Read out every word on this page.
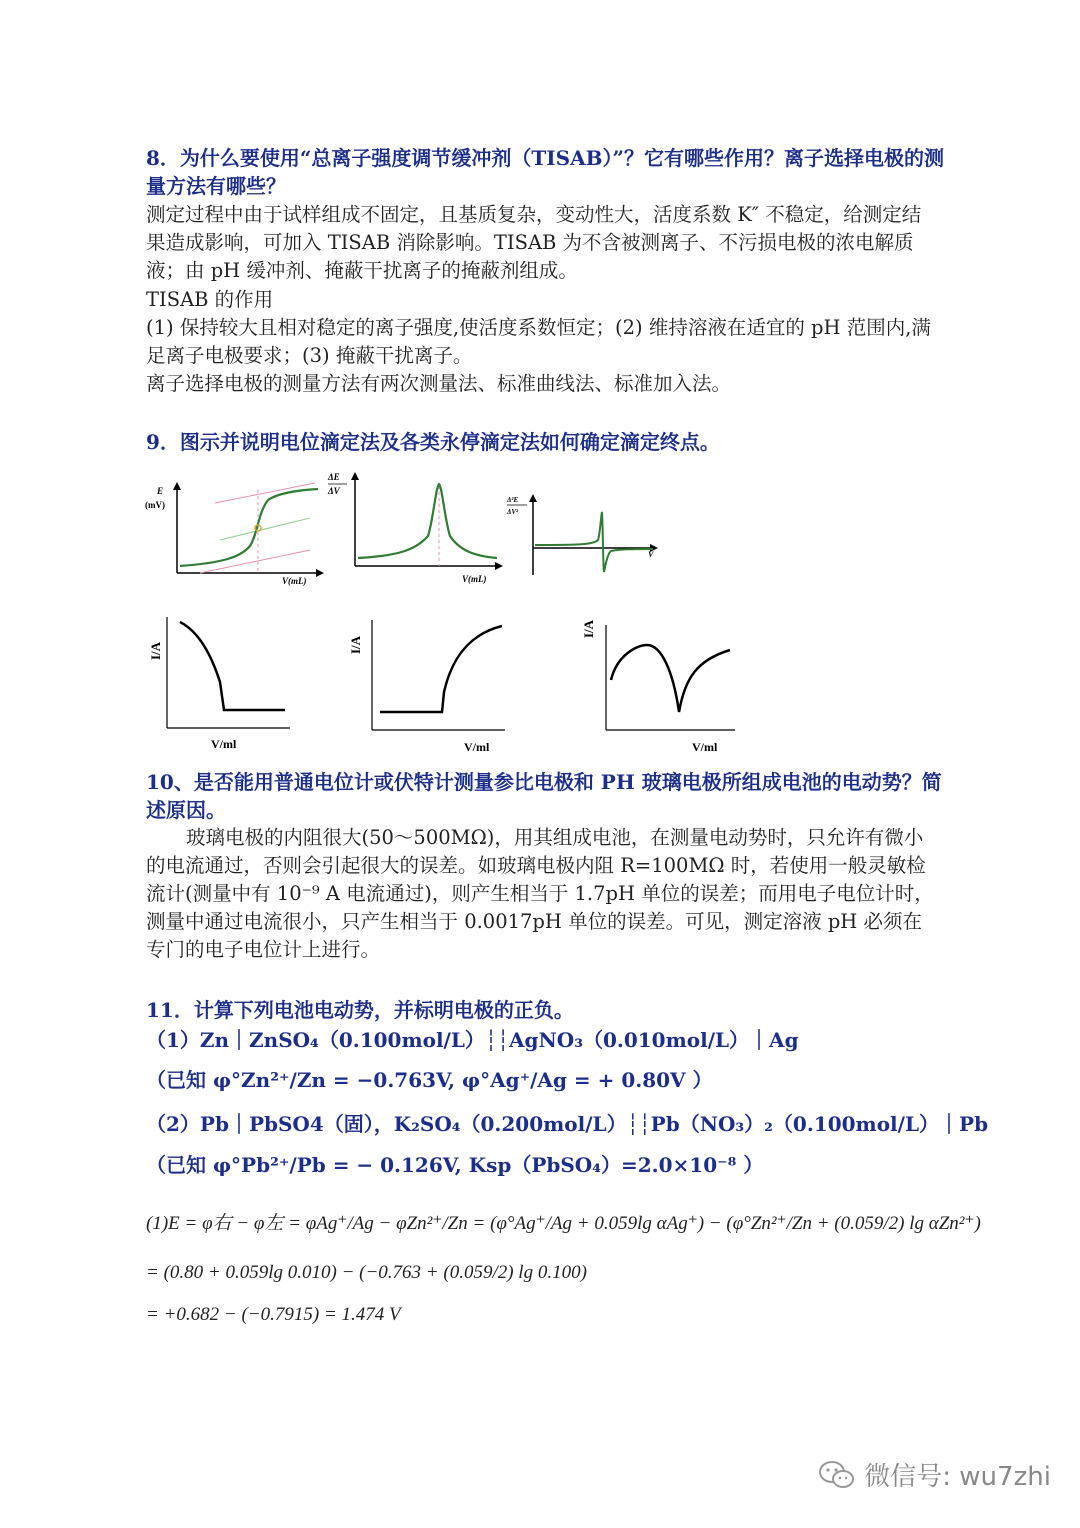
8．为什么要使用“总离子强度调节缓冲剂（TISAB）”？它有哪些作用？离子选择电极的测量方法有哪些？
测定过程中由于试样组成不固定，且基质复杂，变动性大，活度系数 K″ 不稳定，给测定结果造成影响，可加入 TISAB 消除影响。TISAB 为不含被测离子、不污损电极的浓电解质液；由 pH 缓冲剂、掩蔽干扰离子的掩蔽剂组成。
TISAB 的作用
(1) 保持较大且相对稳定的离子强度,使活度系数恒定；(2) 维持溶液在适宜的 pH 范围内,满足离子电极要求；(3) 掩蔽干扰离子。
离子选择电极的测量方法有两次测量法、标准曲线法、标准加入法。
9．图示并说明电位滴定法及各类永停滴定法如何确定滴定终点。
E
(mV)
V(mL)
ΔE
ΔV
V(mL)
Δ²E
ΔV²
V
I/A
V/ml
I/A
V/ml
I/A
V/ml
10、是否能用普通电位计或伏特计测量参比电极和 PH 玻璃电极所组成电池的电动势？简述原因。
玻璃电极的内阻很大(50～500MΩ)，用其组成电池，在测量电动势时，只允许有微小的电流通过，否则会引起很大的误差。如玻璃电极内阻 R=100MΩ 时，若使用一般灵敏检流计(测量中有 10⁻⁹ A 电流通过)，则产生相当于 1.7pH 单位的误差；而用电子电位计时，测量中通过电流很小，只产生相当于 0.0017pH 单位的误差。可见，测定溶液 pH 必须在专门的电子电位计上进行。
11．计算下列电池电动势，并标明电极的正负。
（1）Zn｜ZnSO₄（0.100mol/L）┆┆AgNO₃（0.010mol/L）｜Ag
（已知 φ°Zn²⁺/Zn = −0.763V, φ°Ag⁺/Ag = + 0.80V ）
（2）Pb｜PbSO4（固），K₂SO₄（0.200mol/L）┆┆Pb（NO₃）₂（0.100mol/L）｜Pb
（已知 φ°Pb²⁺/Pb = − 0.126V, Ksp（PbSO₄）=2.0×10⁻⁸ ）
(1)E = φ右 − φ左 = φAg⁺/Ag − φZn²⁺/Zn = (φ°Ag⁺/Ag + 0.059lg αAg⁺) − (φ°Zn²⁺/Zn + (0.059/2) lg αZn²⁺)
= (0.80 + 0.059lg 0.010) − (−0.763 + (0.059/2) lg 0.100)
= +0.682 − (−0.7915) = 1.474 V
微信号: wu7zhi
